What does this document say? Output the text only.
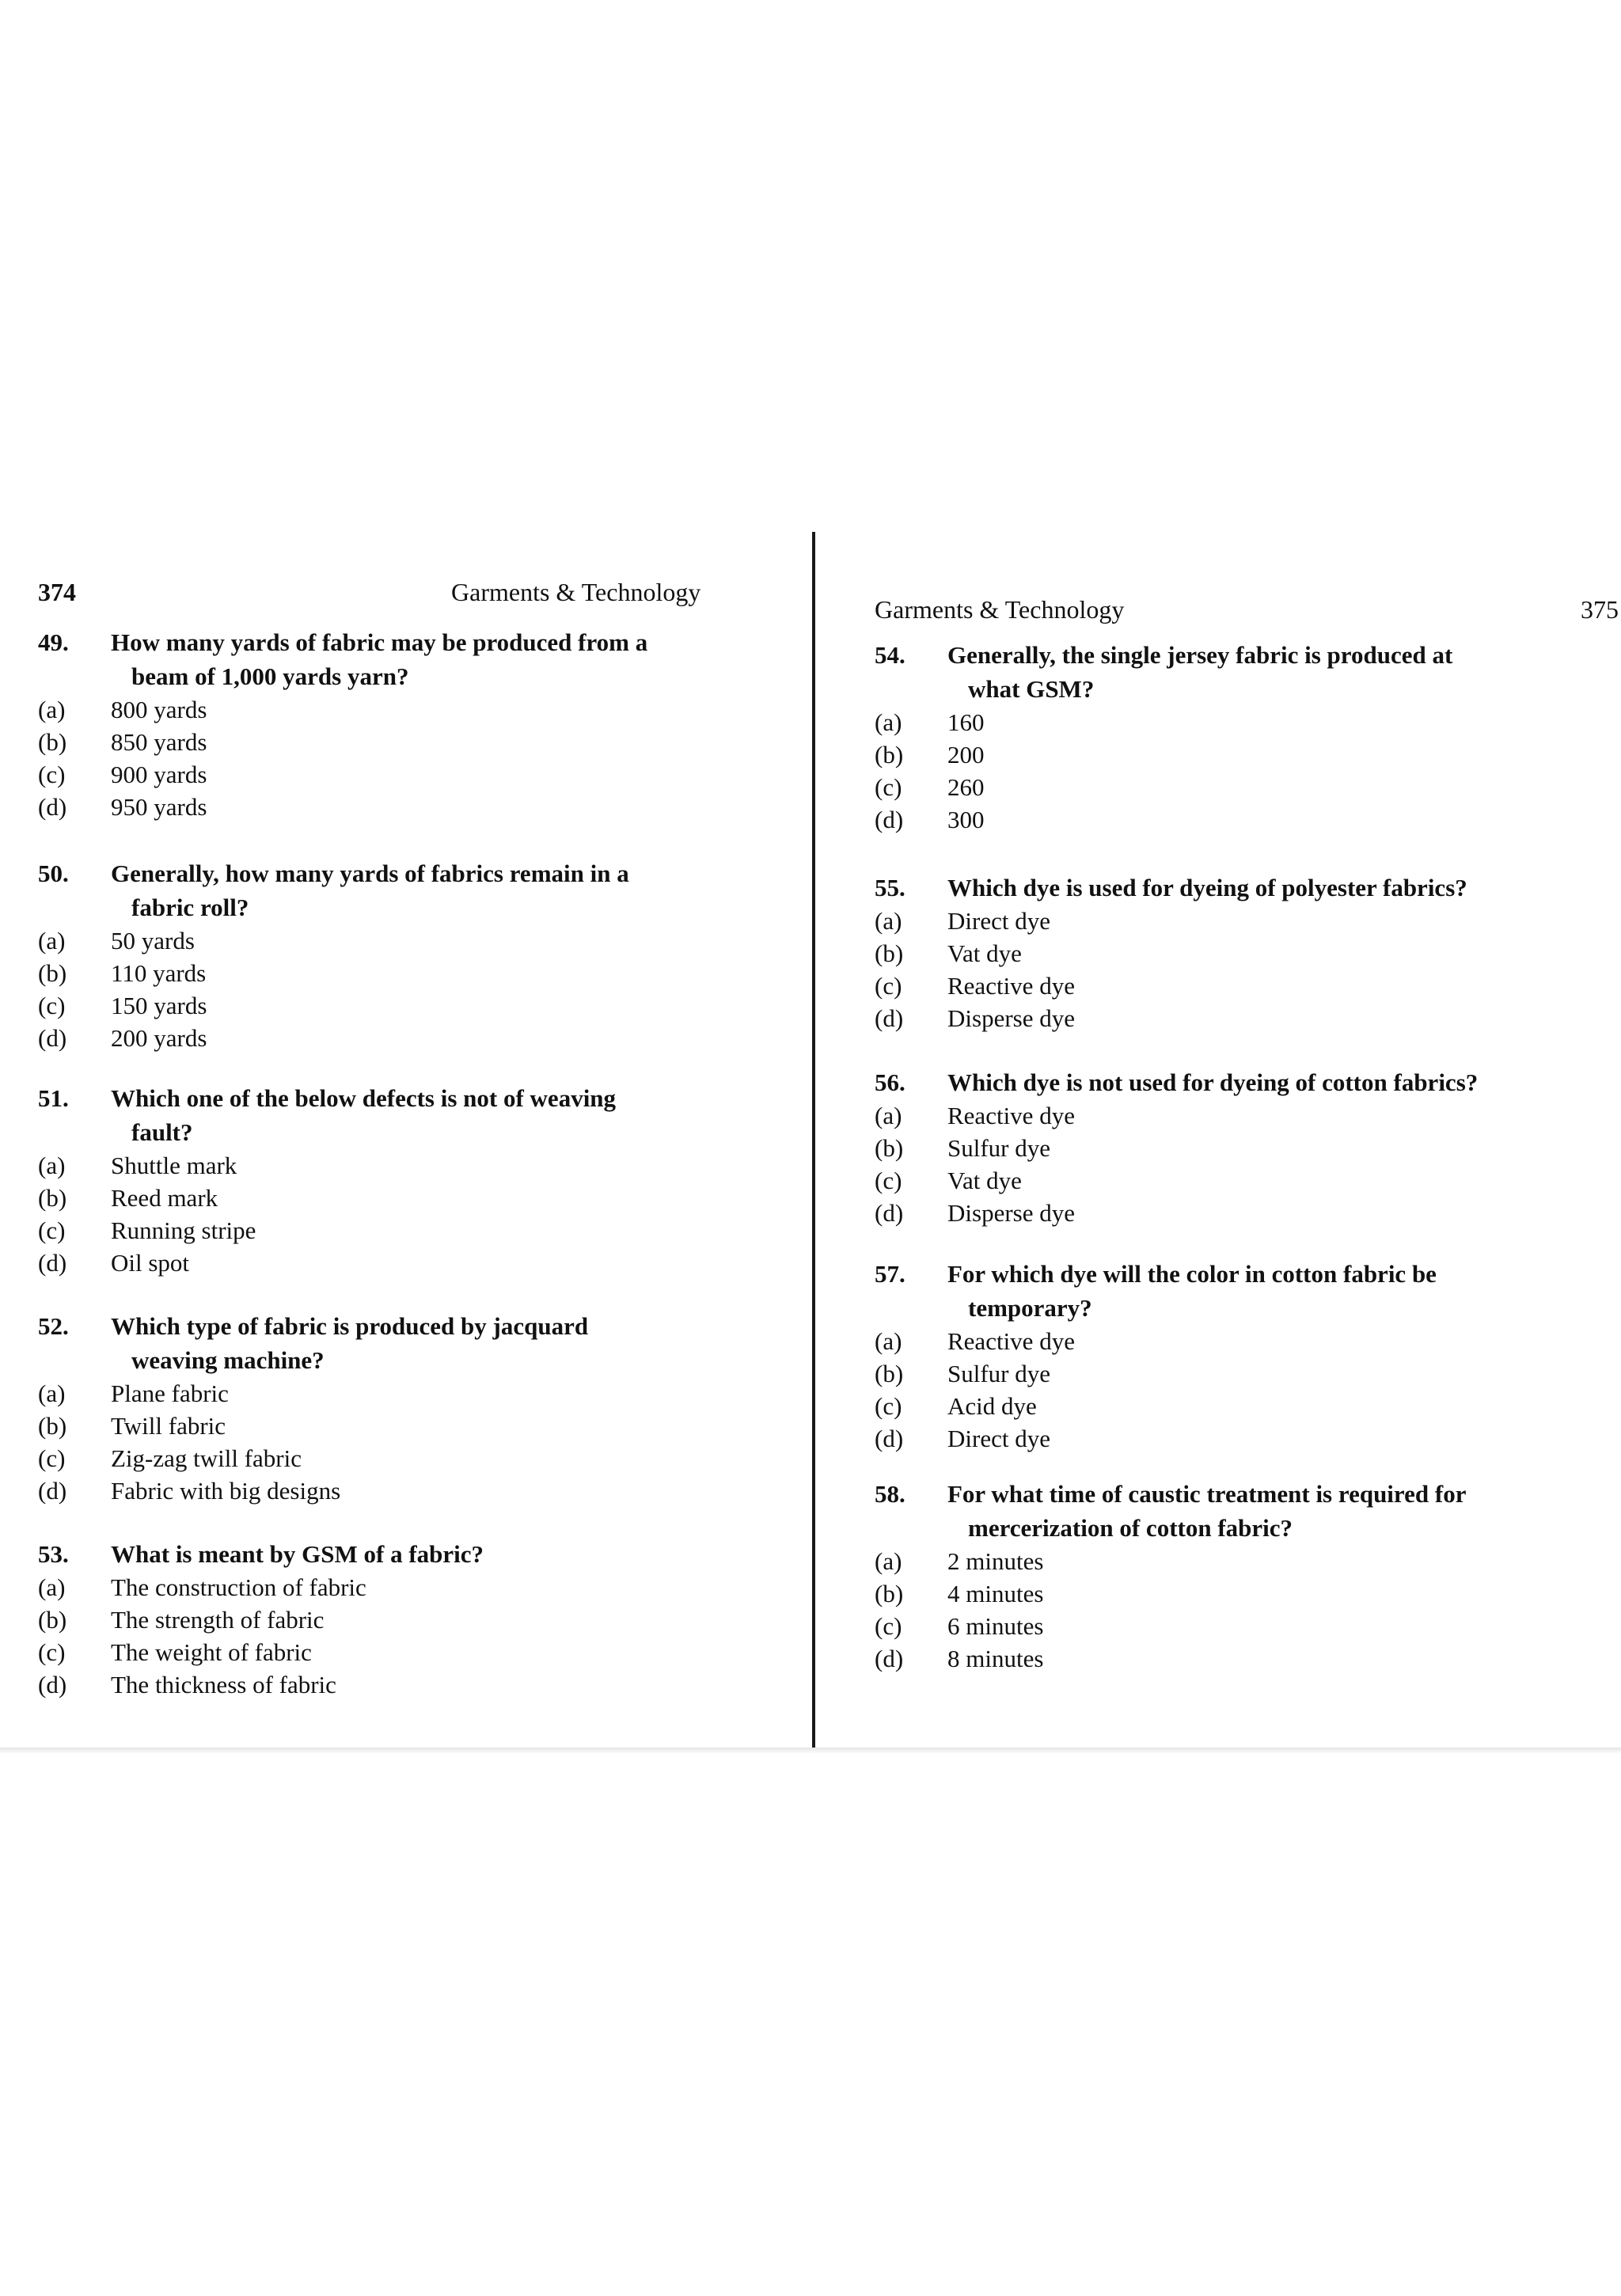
374	Garments & Technology
49.	How many yards of fabric may be produced from a
beam of 1,000 yards yarn?
(a)	800 yards
(b)	850 yards
(c)	900 yards
(d)	950 yards
50.	Generally, how many yards of fabrics remain in a
fabric roll?
(a)	50 yards
(b)	110 yards
(c)	150 yards
(d)	200 yards
51.	Which one of the below defects is not of weaving
fault?
(a)	Shuttle mark
(b)	Reed mark
(c)	Running stripe
(d)	Oil spot
52.	Which type of fabric is produced by jacquard
weaving machine?
(a)	Plane fabric
(b)	Twill fabric
(c)	Zig-zag twill fabric
(d)	Fabric with big designs
53.	What is meant by GSM of a fabric?
(a)	The construction of fabric
(b)	The strength of fabric
(c)	The weight of fabric
(d)	The thickness of fabric
Garments & Technology	375
54.	Generally, the single jersey fabric is produced at
what GSM?
(a)	160
(b)	200
(c)	260
(d)	300
55.	Which dye is used for dyeing of polyester fabrics?
(a)	Direct dye
(b)	Vat dye
(c)	Reactive dye
(d)	Disperse dye
56.	Which dye is not used for dyeing of cotton fabrics?
(a)	Reactive dye
(b)	Sulfur dye
(c)	Vat dye
(d)	Disperse dye
57.	For which dye will the color in cotton fabric be
temporary?
(a)	Reactive dye
(b)	Sulfur dye
(c)	Acid dye
(d)	Direct dye
58.	For what time of caustic treatment is required for
mercerization of cotton fabric?
(a)	2 minutes
(b)	4 minutes
(c)	6 minutes
(d)	8 minutes
